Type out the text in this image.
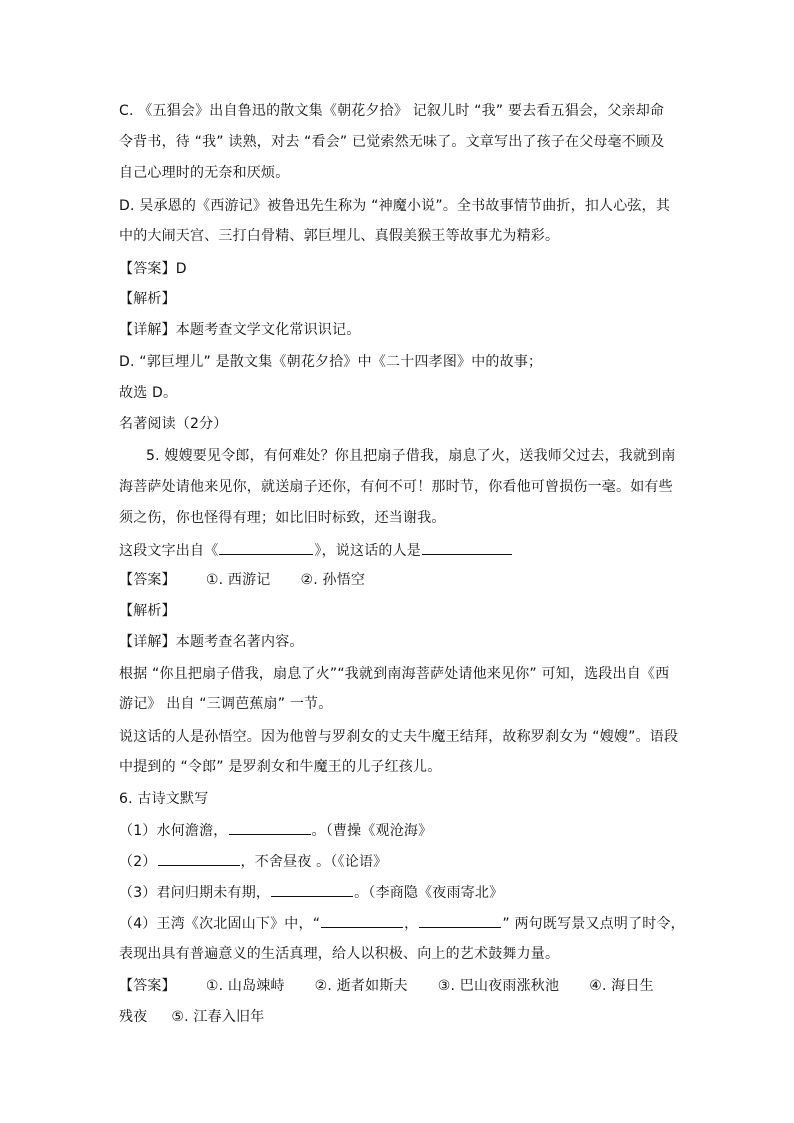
C. 《五猖会》出自鲁迅的散文集《朝花夕拾》 记叙儿时 “我” 要去看五猖会，父亲却命
令背书，待 “我” 读熟，对去 “看会” 已觉索然无味了。文章写出了孩子在父母毫不顾及
自己心理时的无奈和厌烦。
D. 吴承恩的《西游记》被鲁迅先生称为 “神魔小说”。全书故事情节曲折，扣人心弦，其
中的大闹天宫、三打白骨精、郭巨埋儿、真假美猴王等故事尤为精彩。
【答案】D
【解析】
【详解】本题考查文学文化常识识记。
D. “郭巨埋儿” 是散文集《朝花夕拾》中《二十四孝图》中的故事；
故选 D。
名著阅读（2分）
5. 嫂嫂要见令郎，有何难处？你且把扇子借我，扇息了火，送我师父过去，我就到南
海菩萨处请他来见你，就送扇子还你，有何不可！那时节，你看他可曾损伤一毫。如有些
须之伤，你也怪得有理；如比旧时标致，还当谢我。
这段文字出自《	》，说这话的人是
【答案】 ①. 西游记 ②. 孙悟空
【解析】
【详解】本题考查名著内容。
根据 “你且把扇子借我，扇息了火”“我就到南海菩萨处请他来见你” 可知，选段出自《西
游记》 出自 “三调芭蕉扇” 一节。
说这话的人是孙悟空。因为他曾与罗刹女的丈夫牛魔王结拜，故称罗刹女为 “嫂嫂”。语段
中提到的 “令郎” 是罗刹女和牛魔王的儿子红孩儿。
6. 古诗文默写
（1）水何澹澹，	。（曹操《观沧海》
（2）	，不舍昼夜 。（《论语》
（3）君问归期未有期，	。（李商隐《夜雨寄北》
（4）王湾《次北固山下》中，“	，	” 两句既写景又点明了时令，
表现出具有普遍意义的生活真理，给人以积极、向上的艺术鼓舞力量。
【答案】 ①. 山岛竦峙 ②. 逝者如斯夫 ③. 巴山夜雨涨秋池 ④. 海日生
残夜 ⑤. 江春入旧年
